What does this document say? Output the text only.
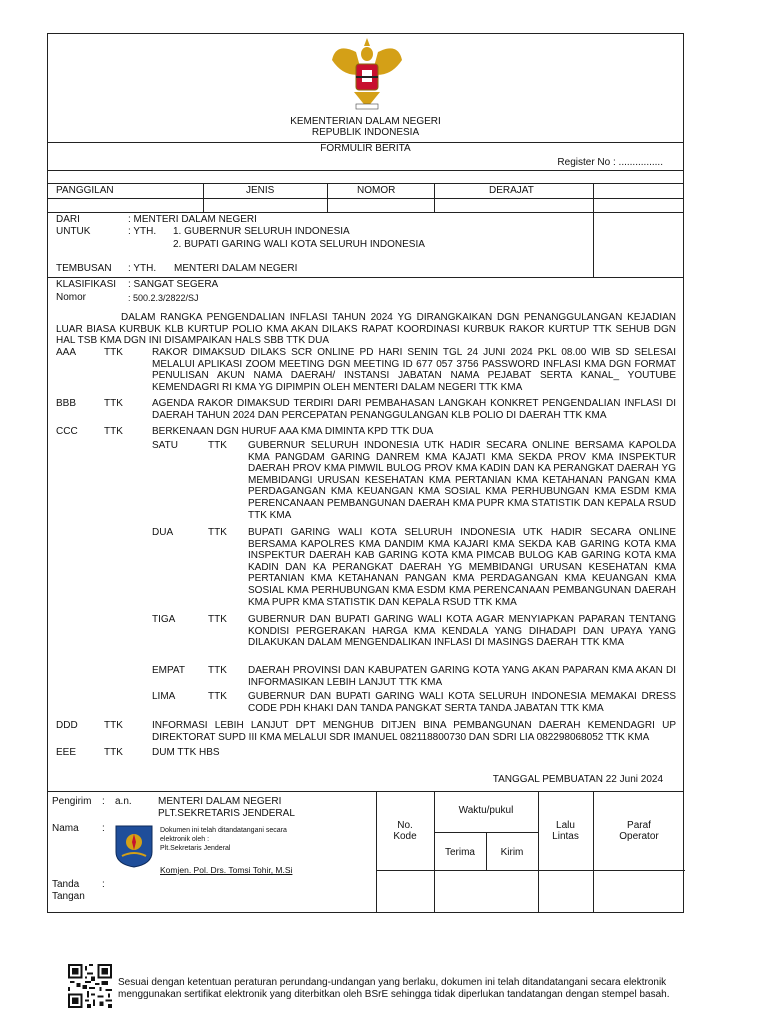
KEMENTERIAN DALAM NEGERI
REPUBLIK INDONESIA
FORMULIR BERITA
Register No : ................
PANGGILAN	JENIS	NOMOR	DERAJAT
DARI	: MENTERI DALAM NEGERI
UNTUK	: YTH. 1. GUBERNUR SELURUH INDONESIA
2. BUPATI GARING WALI KOTA SELURUH INDONESIA
TEMBUSAN : YTH. MENTERI DALAM NEGERI
KLASIFIKASI : SANGAT SEGERA
Nomor	: 500.2.3/2822/SJ
DALAM RANGKA PENGENDALIAN INFLASI TAHUN 2024 YG DIRANGKAIKAN DGN PENANGGULANGAN KEJADIAN LUAR BIASA KURBUK KLB KURTUP POLIO KMA AKAN DILAKS RAPAT KOORDINASI KURBUK RAKOR KURTUP TTK SEHUB DGN HAL TSB KMA DGN INI DISAMPAIKAN HALS SBB TTK DUA
AAA	TTK	RAKOR DIMAKSUD DILAKS SCR ONLINE PD HARI SENIN TGL 24 JUNI 2024 PKL 08.00 WIB SD SELESAI MELALUI APLIKASI ZOOM MEETING DGN MEETING ID 677 057 3756 PASSWORD INFLASI KMA DGN FORMAT PENULISAN AKUN NAMA DAERAH/ INSTANSI JABATAN NAMA PEJABAT SERTA KANAL_ YOUTUBE KEMENDAGRI RI KMA YG DIPIMPIN OLEH MENTERI DALAM NEGERI TTK KMA
BBB	TTK	AGENDA RAKOR DIMAKSUD TERDIRI DARI PEMBAHASAN LANGKAH KONKRET PENGENDALIAN INFLASI DI DAERAH TAHUN 2024 DAN PERCEPATAN PENANGGULANGAN KLB POLIO DI DAERAH TTK KMA
CCC	TTK	BERKENAAN DGN HURUF AAA KMA DIMINTA KPD TTK DUA
SATU	TTK GUBERNUR SELURUH INDONESIA UTK HADIR SECARA ONLINE BERSAMA KAPOLDA KMA PANGDAM GARING DANREM KMA KAJATI KMA SEKDA PROV KMA INSPEKTUR DAERAH PROV KMA PIMWIL BULOG PROV KMA KADIN DAN KA PERANGKAT DAERAH YG MEMBIDANGI URUSAN KESEHATAN KMA PERTANIAN KMA KETAHANAN PANGAN KMA PERDAGANGAN KMA KEUANGAN KMA SOSIAL KMA PERHUBUNGAN KMA ESDM KMA PERENCANAAN PEMBANGUNAN DAERAH KMA PUPR KMA STATISTIK DAN KEPALA RSUD TTK KMA
DUA	TTK BUPATI GARING WALI KOTA SELURUH INDONESIA UTK HADIR SECARA ONLINE BERSAMA KAPOLRES KMA DANDIM KMA KAJARI KMA SEKDA KAB GARING KOTA KMA INSPEKTUR DAERAH KAB GARING KOTA KMA PIMCAB BULOG KAB GARING KOTA KMA KADIN DAN KA PERANGKAT DAERAH YG MEMBIDANGI URUSAN KESEHATAN KMA PERTANIAN KMA KETAHANAN PANGAN KMA PERDAGANGAN KMA KEUANGAN KMA SOSIAL KMA PERHUBUNGAN KMA ESDM KMA PERENCANAAN PEMBANGUNAN DAERAH KMA PUPR KMA STATISTIK DAN KEPALA RSUD TTK KMA
TIGA	TTK GUBERNUR DAN BUPATI GARING WALI KOTA AGAR MENYIAPKAN PAPARAN TENTANG KONDISI PERGERAKAN HARGA KMA KENDALA YANG DIHADAPI DAN UPAYA YANG DILAKUKAN DALAM MENGENDALIKAN INFLASI DI MASINGS DAERAH TTK KMA
EMPAT TTK DAERAH PROVINSI DAN KABUPATEN GARING KOTA YANG AKAN PAPARAN KMA AKAN DI INFORMASIKAN LEBIH LANJUT TTK KMA
LIMA	TTK GUBERNUR DAN BUPATI GARING WALI KOTA SELURUH INDONESIA MEMAKAI DRESS CODE PDH KHAKI DAN TANDA PANGKAT SERTA TANDA JABATAN TTK KMA
DDD	TTK	INFORMASI LEBIH LANJUT DPT MENGHUB DITJEN BINA PEMBANGUNAN DAERAH KEMENDAGRI UP DIREKTORAT SUPD III KMA MELALUI SDR IMANUEL 082118800730 DAN SDRI LIA 082298068052 TTK KMA
EEE	TTK	DUM TTK HBS
TANGGAL PEMBUATAN 22 Juni 2024
Pengirim : a.n.	MENTERI DALAM NEGERI
PLT.SEKRETARIS JENDERAL
Nama :	Dokumen ini telah ditandatangani secara
elektronik oleh :
Plt.Sekretaris Jenderal
Komjen. Pol. Drs. Tomsi Tohir, M.Si
Tanda
Tangan
:
No.
Kode
Waktu/pukul
Terima	Kirim
Lalu
Lintas
Paraf
Operator
Sesuai dengan ketentuan peraturan perundang-undangan yang berlaku, dokumen ini telah ditandatangani secara elektronik
menggunakan sertifikat elektronik yang diterbitkan oleh BSrE sehingga tidak diperlukan tandatangan dengan stempel basah.
